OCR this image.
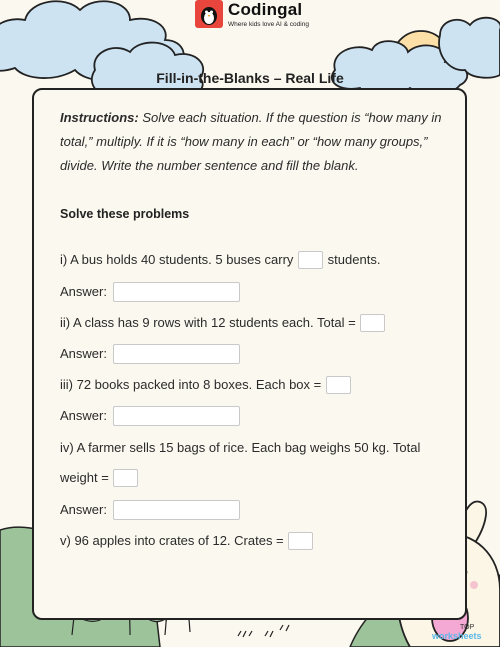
Codingal
Where kids love AI & coding
Fill-in-the-Blanks – Real Life

Instructions: Solve each situation. If the question is “how many in total,” multiply. If it is “how many in each” or “how many groups,” divide. Write the number sentence and fill the blank.

Solve these problems
i) A bus holds 40 students. 5 buses carry	students.
Answer:
ii) A class has 9 rows with 12 students each. Total =
Answer:
iii) 72 books packed into 8 boxes. Each box =
Answer:
iv) A farmer sells 15 bags of rice. Each bag weighs 50 kg. Total
weight =
Answer:
v) 96 apples into crates of 12. Crates =
TOP
worksheets
